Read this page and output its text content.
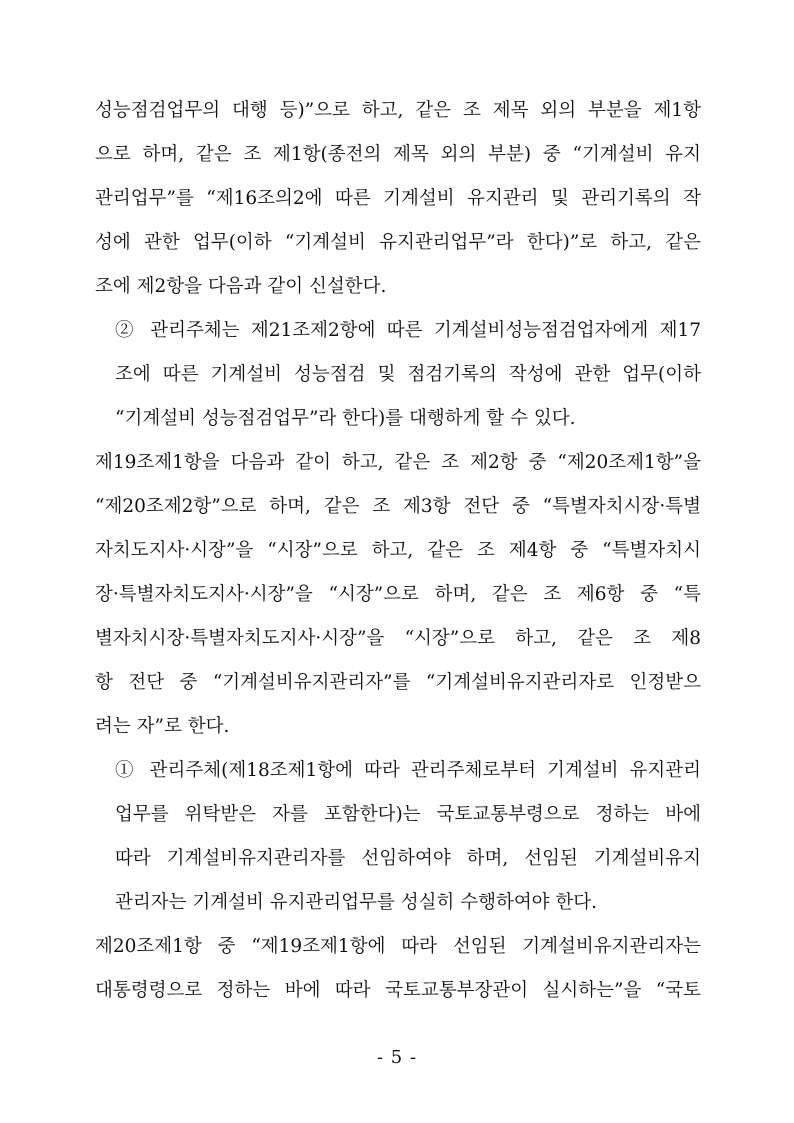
성능점검업무의 대행 등)”으로 하고, 같은 조 제목 외의 부분을 제1항
으로 하며, 같은 조 제1항(종전의 제목 외의 부분) 중 “기계설비 유지
관리업무”를 “제16조의2에 따른 기계설비 유지관리 및 관리기록의 작
성에 관한 업무(이하 “기계설비 유지관리업무”라 한다)”로 하고, 같은
조에 제2항을 다음과 같이 신설한다.
② 관리주체는 제21조제2항에 따른 기계설비성능점검업자에게 제17
조에 따른 기계설비 성능점검 및 점검기록의 작성에 관한 업무(이하
“기계설비 성능점검업무”라 한다)를 대행하게 할 수 있다.
제19조제1항을 다음과 같이 하고, 같은 조 제2항 중 “제20조제1항”을
“제20조제2항”으로 하며, 같은 조 제3항 전단 중 “특별자치시장·특별
자치도지사·시장”을 “시장”으로 하고, 같은 조 제4항 중 “특별자치시
장·특별자치도지사·시장”을 “시장”으로 하며, 같은 조 제6항 중 “특
별자치시장·특별자치도지사·시장”을 “시장”으로 하고, 같은 조 제8
항 전단 중 “기계설비유지관리자”를 “기계설비유지관리자로 인정받으
려는 자”로 한다.
① 관리주체(제18조제1항에 따라 관리주체로부터 기계설비 유지관리
업무를 위탁받은 자를 포함한다)는 국토교통부령으로 정하는 바에
따라 기계설비유지관리자를 선임하여야 하며, 선임된 기계설비유지
관리자는 기계설비 유지관리업무를 성실히 수행하여야 한다.
제20조제1항 중 “제19조제1항에 따라 선임된 기계설비유지관리자는
대통령령으로 정하는 바에 따라 국토교통부장관이 실시하는”을 “국토
- 5 -
